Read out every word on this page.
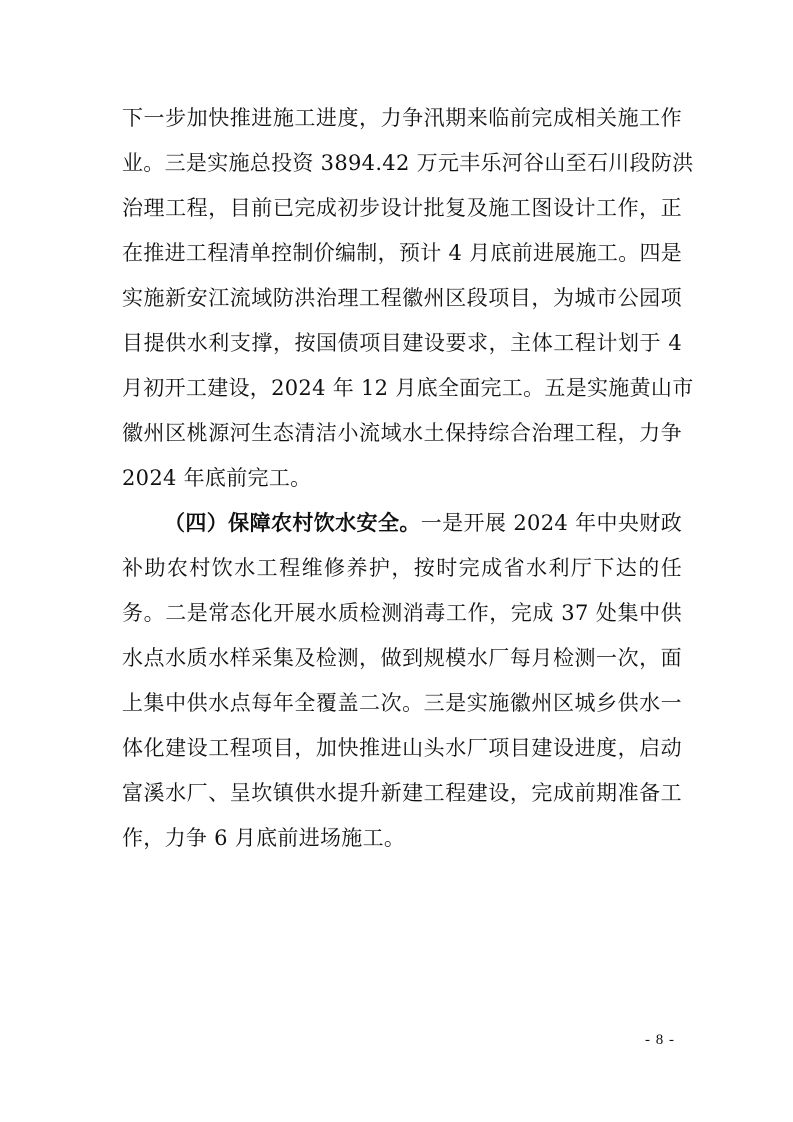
下一步加快推进施工进度，力争汛期来临前完成相关施工作
业。三是实施总投资 3894.42 万元丰乐河谷山至石川段防洪
治理工程，目前已完成初步设计批复及施工图设计工作，正
在推进工程清单控制价编制，预计 4 月底前进展施工。四是
实施新安江流域防洪治理工程徽州区段项目，为城市公园项
目提供水利支撑，按国债项目建设要求，主体工程计划于 4
月初开工建设，2024 年 12 月底全面完工。五是实施黄山市
徽州区桃源河生态清洁小流域水土保持综合治理工程，力争
2024 年底前完工。
（四）保障农村饮水安全。一是开展 2024 年中央财政
补助农村饮水工程维修养护，按时完成省水利厅下达的任
务。二是常态化开展水质检测消毒工作，完成 37 处集中供
水点水质水样采集及检测，做到规模水厂每月检测一次，面
上集中供水点每年全覆盖二次。三是实施徽州区城乡供水一
体化建设工程项目，加快推进山头水厂项目建设进度，启动
富溪水厂、呈坎镇供水提升新建工程建设，完成前期准备工
作，力争 6 月底前进场施工。
- 8 -
